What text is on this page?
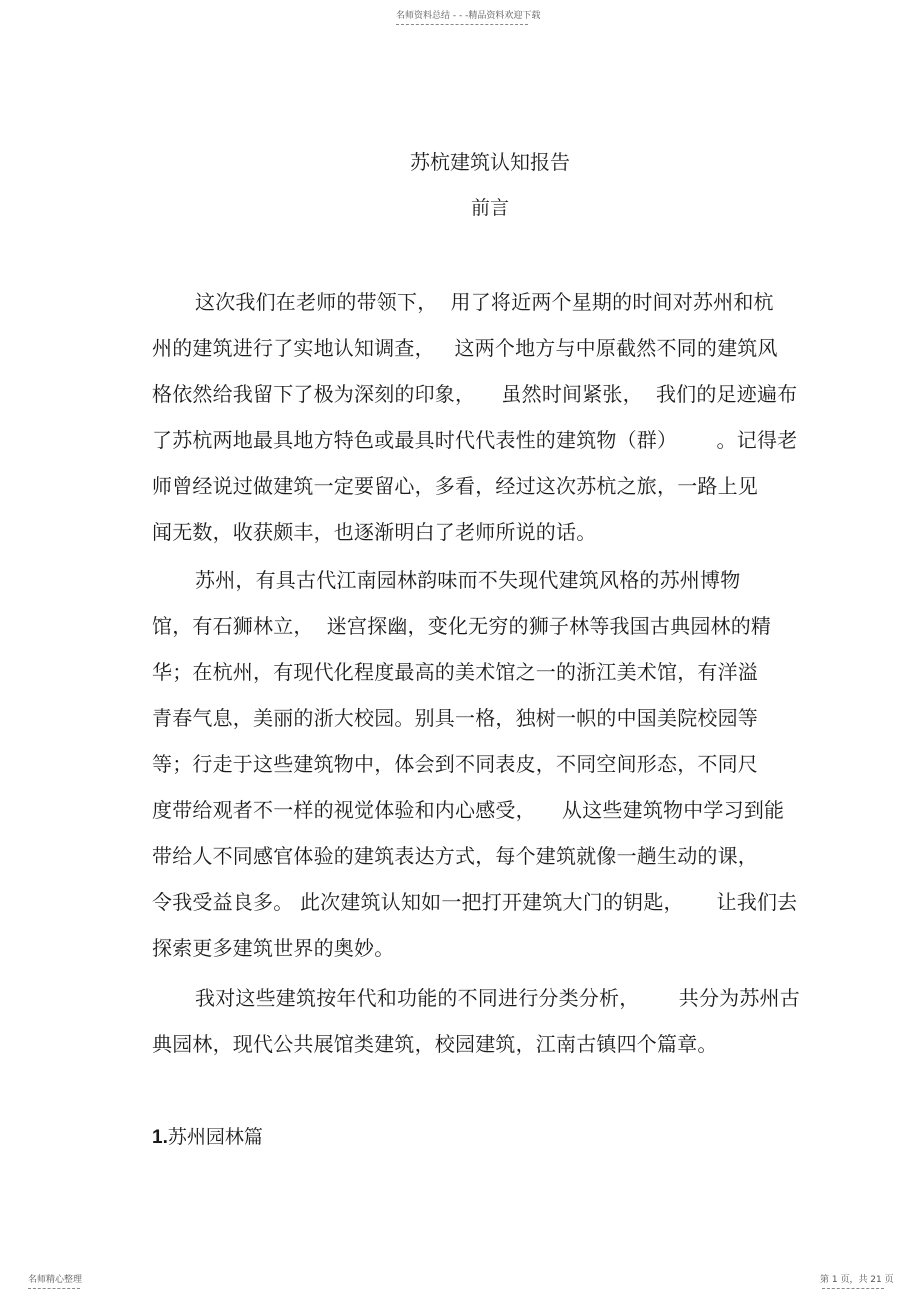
名师资料总结 - - -精品资料欢迎下载
苏杭建筑认知报告
前言
这次我们在老师的带领下，  用了将近两个星期的时间对苏州和杭
州的建筑进行了实地认知调查，   这两个地方与中原截然不同的建筑风
格依然给我留下了极为深刻的印象，    虽然时间紧张，  我们的足迹遍布
了苏杭两地最具地方特色或最具时代代表性的建筑物（群）      。记得老
师曾经说过做建筑一定要留心，多看，经过这次苏杭之旅，一路上见
闻无数，收获颇丰，也逐渐明白了老师所说的话。
苏州，有具古代江南园林韵味而不失现代建筑风格的苏州博物
馆，有石狮林立，  迷宫探幽，变化无穷的狮子林等我国古典园林的精
华；在杭州，有现代化程度最高的美术馆之一的浙江美术馆，有洋溢
青春气息，美丽的浙大校园。别具一格，独树一帜的中国美院校园等
等；行走于这些建筑物中，体会到不同表皮，不同空间形态，不同尺
度带给观者不一样的视觉体验和内心感受，    从这些建筑物中学习到能
带给人不同感官体验的建筑表达方式，每个建筑就像一趟生动的课，
令我受益良多。 此次建筑认知如一把打开建筑大门的钥匙，     让我们去
探索更多建筑世界的奥妙。
我对这些建筑按年代和功能的不同进行分类分析，      共分为苏州古
典园林，现代公共展馆类建筑，校园建筑，江南古镇四个篇章。
1.苏州园林篇
名师精心整理	第 1 页，共 21 页
